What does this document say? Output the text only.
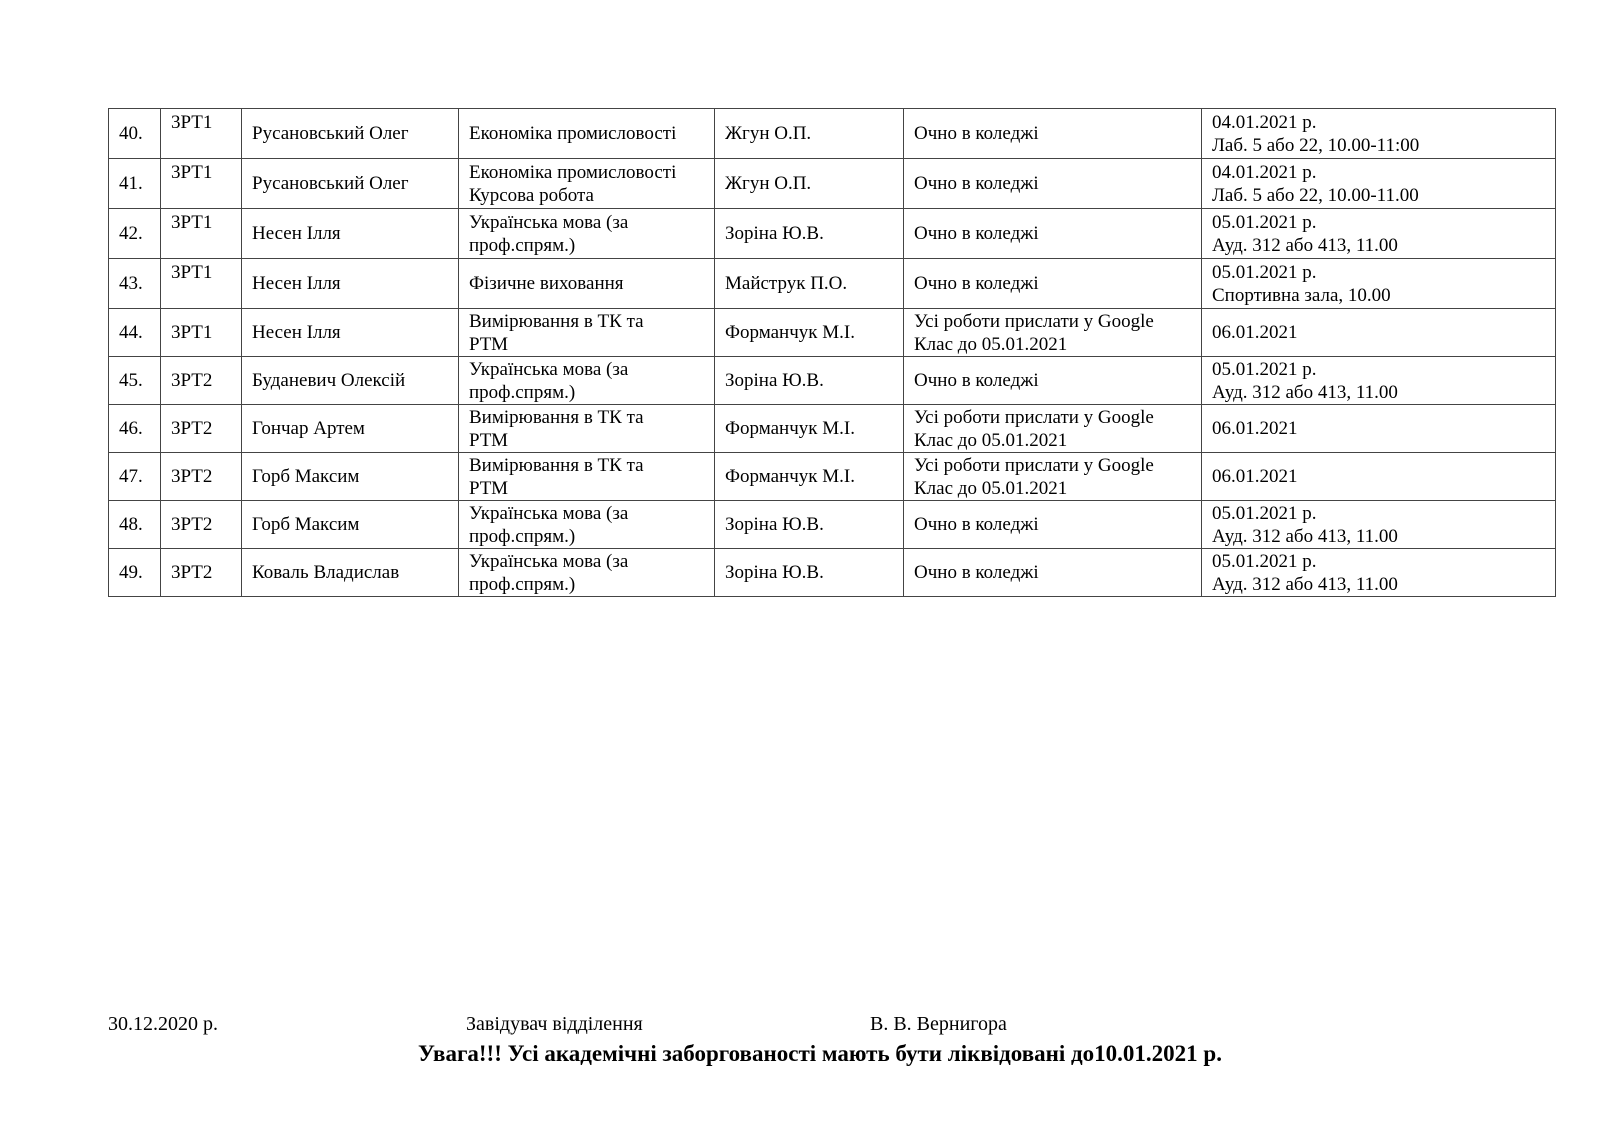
40.	3РТ1	Русановський Олег	Економіка промисловості	Жгун О.П.	Очно в коледжі	04.01.2021 р.
Лаб. 5 або 22, 10.00-11:00
41.	3РТ1	Русановський Олег	Економіка промисловості
Курсова робота	Жгун О.П.	Очно в коледжі	04.01.2021 р.
Лаб. 5 або 22, 10.00-11.00
42.	3РТ1	Несен Ілля	Українська мова (за
проф.спрям.)	Зоріна Ю.В.	Очно в коледжі	05.01.2021 р.
Ауд. 312 або 413, 11.00
43.	3РТ1	Несен Ілля	Фізичне виховання	Майструк П.О.	Очно в коледжі	05.01.2021 р.
Спортивна зала, 10.00
44.	3РТ1	Несен Ілля	Вимірювання в ТК та
РТМ	Форманчук М.І.	Усі роботи прислати у Google
Клас до 05.01.2021	06.01.2021
45.	3РТ2	Буданевич Олексій	Українська мова (за
проф.спрям.)	Зоріна Ю.В.	Очно в коледжі	05.01.2021 р.
Ауд. 312 або 413, 11.00
46.	3РТ2	Гончар Артем	Вимірювання в ТК та
РТМ	Форманчук М.І.	Усі роботи прислати у Google
Клас до 05.01.2021	06.01.2021
47.	3РТ2	Горб Максим	Вимірювання в ТК та
РТМ	Форманчук М.І.	Усі роботи прислати у Google
Клас до 05.01.2021	06.01.2021
48.	3РТ2	Горб Максим	Українська мова (за
проф.спрям.)	Зоріна Ю.В.	Очно в коледжі	05.01.2021 р.
Ауд. 312 або 413, 11.00
49.	3РТ2	Коваль Владислав	Українська мова (за
проф.спрям.)	Зоріна Ю.В.	Очно в коледжі	05.01.2021 р.
Ауд. 312 або 413, 11.00
30.12.2020 р.	Завідувач відділення	В. В. Вернигора
Увага!!! Усі академічні заборгованості мають бути ліквідовані до10.01.2021 р.
